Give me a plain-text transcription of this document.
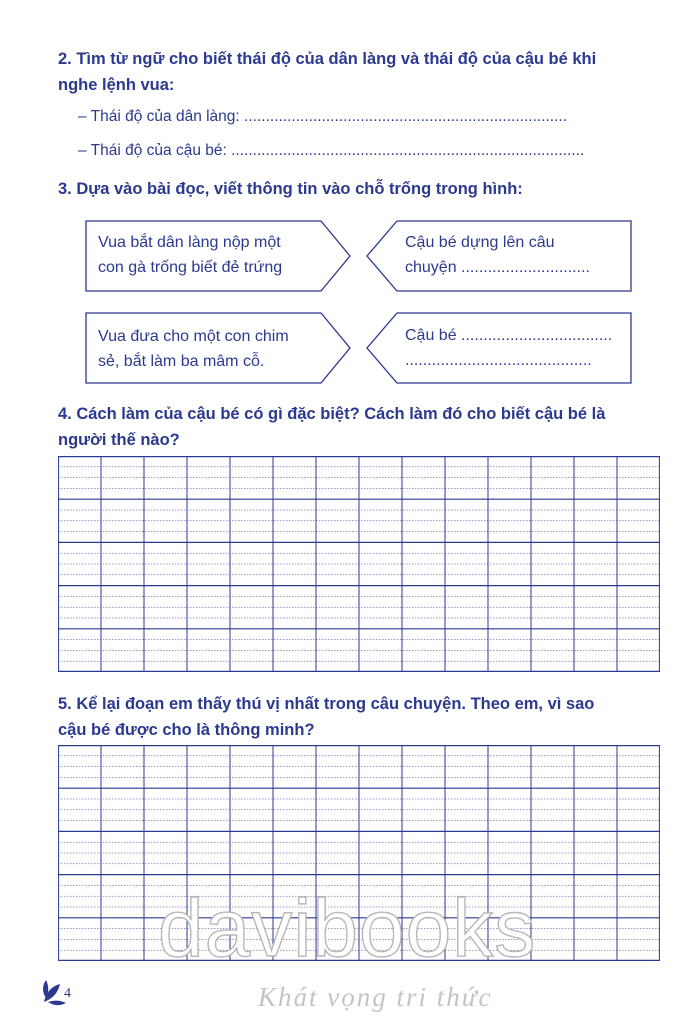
2. Tìm từ ngữ cho biết thái độ của dân làng và thái độ của cậu bé khi
nghe lệnh vua:
– Thái độ của dân làng: ...........................................................................
– Thái độ của cậu bé: ..................................................................................
3. Dựa vào bài đọc, viết thông tin vào chỗ trống trong hình:
Vua bắt dân làng nộp một
con gà trống biết đẻ trứng
Cậu bé dựng lên câu
chuyện .............................
Vua đưa cho một con chim
sẻ, bắt làm ba mâm cỗ.
Cậu bé ..................................
..........................................
4. Cách làm của cậu bé có gì đặc biệt? Cách làm đó cho biết cậu bé là
người thế nào?
5. Kể lại đoạn em thấy thú vị nhất trong câu chuyện. Theo em, vì sao
cậu bé được cho là thông minh?
4
davibooks
Khát vọng tri thức
